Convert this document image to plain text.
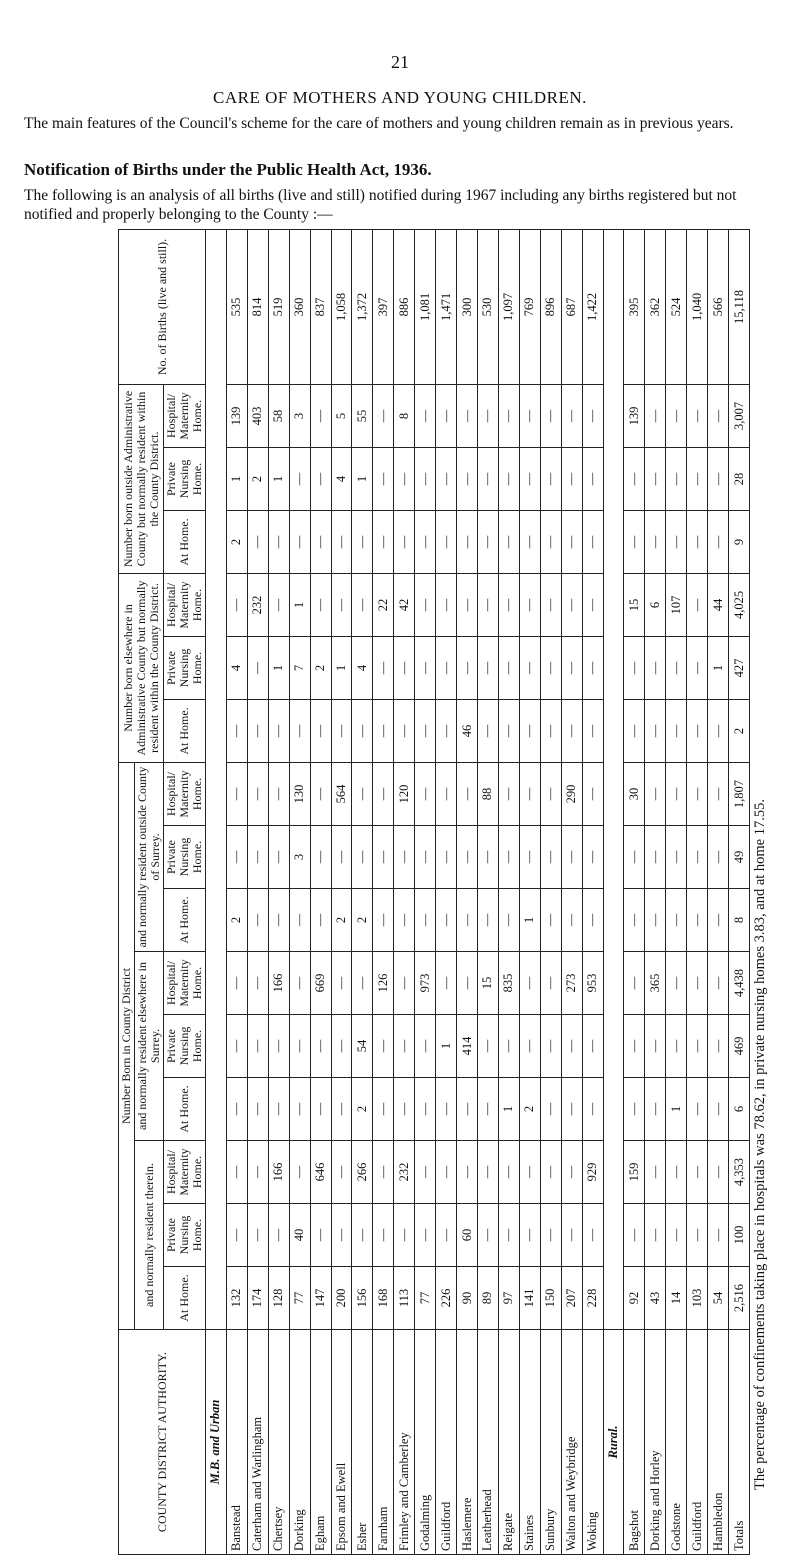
21
CARE OF MOTHERS AND YOUNG CHILDREN.
The main features of the Council's scheme for the care of mothers and young children remain as in previous years.
Notification of Births under the Public Health Act, 1936.
The following is an analysis of all births (live and still) notified during 1967 including any births registered but not notified and properly belonging to the County :—
COUNTY DISTRICT AUTHORITY.	Number Born in County District									Number born elsewhere in Administrative County but normally resident within the County District.			Number born outside Administrative County but normally resident within the County District.			No. of Births (live and still).
	and normally resident therein.			and normally resident elsewhere in Surrey.			and normally resident outside County of Surrey.									
	At Home.	Private Nursing Home.	Hospital/ Maternity Home.	At Home.	Private Nursing Home.	Hospital/ Maternity Home.	At Home.	Private Nursing Home.	Hospital/ Maternity Home.	At Home.	Private Nursing Home.	Hospital/ Maternity Home.	At Home.	Private Nursing Home.	Hospital/ Maternity Home.	
M.B. and Urban																
Banstead	132	—	—	—	—	—	2	—	—	—	4	—	2	1	139	535
Caterham and Warlingham	174	—	—	—	—	—	—	—	—	—	—	232	—	2	403	814
Chertsey	128	—	166	—	—	166	—	—	—	—	1	—	—	1	58	519
Dorking	77	40	—	—	—	—	—	3	130	—	7	1	—	—	3	360
Egham	147	—	646	—	—	669	—	—	—	—	2	—	—	—	—	837
Epsom and Ewell	200	—	—	—	—	—	2	—	564	—	1	—	—	4	5	1,058
Esher	156	—	266	2	54	—	2	—	—	—	4	—	—	1	55	1,372
Farnham	168	—	—	—	—	126	—	—	—	—	—	22	—	—	—	397
Frimley and Camberley	113	—	232	—	—	—	—	—	120	—	—	42	—	—	8	886
Godalming	77	—	—	—	—	973	—	—	—	—	—	—	—	—	—	1,081
Guildford	226	—	—	—	1	—	—	—	—	—	—	—	—	—	—	1,471
Haslemere	90	60	—	—	414	—	—	—	—	46	—	—	—	—	—	300
Leatherhead	89	—	—	—	—	15	—	—	88	—	—	—	—	—	—	530
Reigate	97	—	—	1	—	835	—	—	—	—	—	—	—	—	—	1,097
Staines	141	—	—	2	—	—	1	—	—	—	—	—	—	—	—	769
Sunbury	150	—	—	—	—	—	—	—	—	—	—	—	—	—	—	896
Walton and Weybridge	207	—	—	—	—	273	—	—	290	—	—	—	—	—	—	687
Woking	228	—	929	—	—	953	—	—	—	—	—	—	—	—	—	1,422
Rural.																
Bagshot	92	—	159	—	—	—	—	—	30	—	—	15	—	—	139	395
Dorking and Horley	43	—	—	—	—	365	—	—	—	—	—	6	—	—	—	362
Godstone	14	—	—	1	—	—	—	—	—	—	—	107	—	—	—	524
Guildford	103	—	—	—	—	—	—	—	—	—	—	—	—	—	—	1,040
Hambledon	54	—	—	—	—	—	—	—	—	—	1	44	—	—	—	566
Totals	2,516	100	4,353	6	469	4,438	8	49	1,807	2	427	4,025	9	28	3,007	15,118
The percentage of confinements taking place in hospitals was 78.62, in private nursing homes 3.83, and at home 17.55.
